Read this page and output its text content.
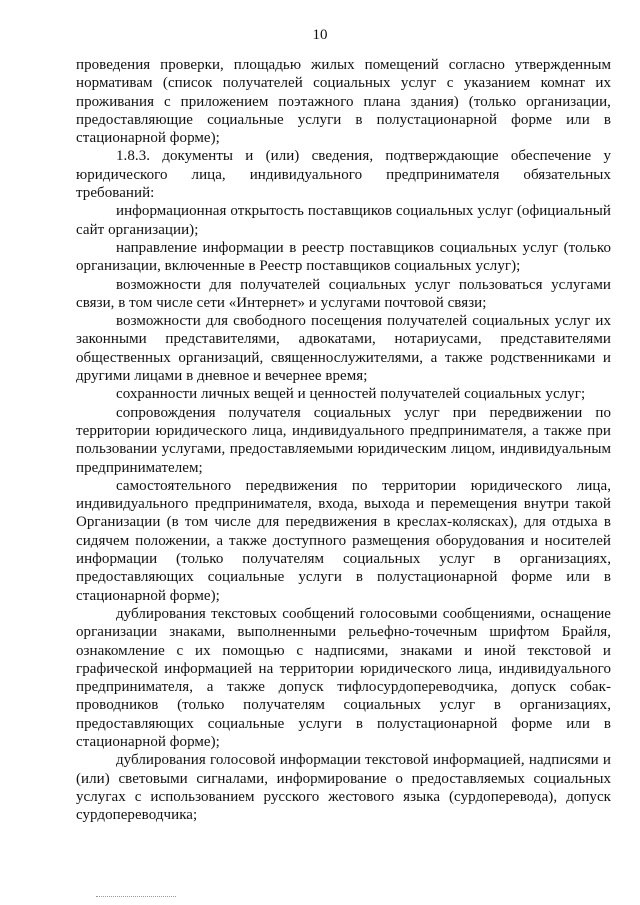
10

проведения проверки, площадью жилых помещений согласно утвержденным нормативам (список получателей социальных услуг с указанием комнат их проживания с приложением поэтажного плана здания) (только организации, предоставляющие социальные услуги в полустационарной форме или в стационарной форме);

1.8.3. документы и (или) сведения, подтверждающие обеспечение у юридического лица, индивидуального предпринимателя обязательных требований:

информационная открытость поставщиков социальных услуг (официальный сайт организации);

направление информации в реестр поставщиков социальных услуг (только организации, включенные в Реестр поставщиков социальных услуг);

возможности для получателей социальных услуг пользоваться услугами связи, в том числе сети «Интернет» и услугами почтовой связи;

возможности для свободного посещения получателей социальных услуг их законными представителями, адвокатами, нотариусами, представителями общественных организаций, священнослужителями, а также родственниками и другими лицами в дневное и вечернее время;

сохранности личных вещей и ценностей получателей социальных услуг;

сопровождения получателя социальных услуг при передвижении по территории юридического лица, индивидуального предпринимателя, а также при пользовании услугами, предоставляемыми юридическим лицом, индивидуальным предпринимателем;

самостоятельного передвижения по территории юридического лица, индивидуального предпринимателя, входа, выхода и перемещения внутри такой Организации (в том числе для передвижения в креслах-колясках), для отдыха в сидячем положении, а также доступного размещения оборудования и носителей информации (только получателям социальных услуг в организациях, предоставляющих социальные услуги в полустационарной форме или в стационарной форме);

дублирования текстовых сообщений голосовыми сообщениями, оснащение организации знаками, выполненными рельефно-точечным шрифтом Брайля, ознакомление с их помощью с надписями, знаками и иной текстовой и графической информацией на территории юридического лица, индивидуального предпринимателя, а также допуск тифлосурдопереводчика, допуск собак-проводников (только получателям социальных услуг в организациях, предоставляющих социальные услуги в полустационарной форме или в стационарной форме);

дублирования голосовой информации текстовой информацией, надписями и (или) световыми сигналами, информирование о предоставляемых социальных услугах с использованием русского жестового языка (сурдоперевода), допуск сурдопереводчика;
